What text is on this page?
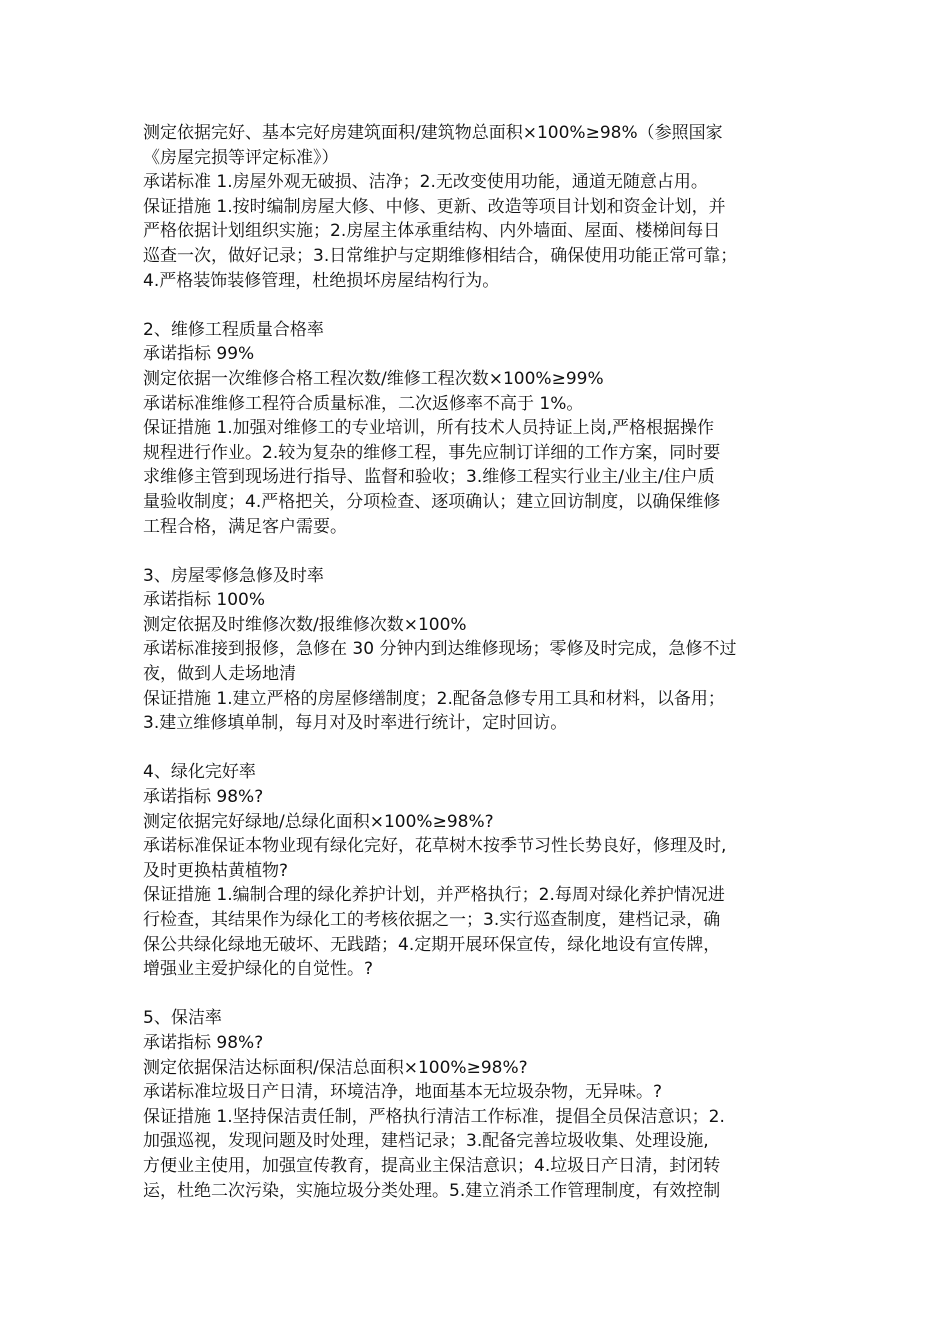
测定依据完好、基本完好房建筑面积/建筑物总面积×100%≥98%（参照国家

《房屋完损等评定标准》）

承诺标准 1.房屋外观无破损、洁净；2.无改变使用功能，通道无随意占用。

保证措施 1.按时编制房屋大修、中修、更新、改造等项目计划和资金计划，并

严格依据计划组织实施；2.房屋主体承重结构、内外墙面、屋面、楼梯间每日

巡查一次，做好记录；3.日常维护与定期维修相结合，确保使用功能正常可靠；

4.严格装饰装修管理，杜绝损坏房屋结构行为。

2、维修工程质量合格率

承诺指标 99%

测定依据一次维修合格工程次数/维修工程次数×100%≥99%

承诺标准维修工程符合质量标准，二次返修率不高于 1%。

保证措施 1.加强对维修工的专业培训，所有技术人员持证上岗,严格根据操作

规程进行作业。2.较为复杂的维修工程，事先应制订详细的工作方案，同时要

求维修主管到现场进行指导、监督和验收；3.维修工程实行业主/业主/住户质

量验收制度；4.严格把关，分项检查、逐项确认；建立回访制度，以确保维修

工程合格，满足客户需要。

3、房屋零修急修及时率

承诺指标 100%

测定依据及时维修次数/报维修次数×100%

承诺标准接到报修，急修在 30 分钟内到达维修现场；零修及时完成，急修不过

夜，做到人走场地清

保证措施 1.建立严格的房屋修缮制度；2.配备急修专用工具和材料，以备用；

3.建立维修填单制，每月对及时率进行统计，定时回访。

4、绿化完好率

承诺指标 98%?

测定依据完好绿地/总绿化面积×100%≥98%?

承诺标准保证本物业现有绿化完好，花草树木按季节习性长势良好，修理及时,

及时更换枯黄植物?

保证措施 1.编制合理的绿化养护计划，并严格执行；2.每周对绿化养护情况进

行检查，其结果作为绿化工的考核依据之一；3.实行巡查制度，建档记录，确

保公共绿化绿地无破坏、无践踏；4.定期开展环保宣传，绿化地设有宣传牌，

增强业主爱护绿化的自觉性。?

5、保洁率

承诺指标 98%?

测定依据保洁达标面积/保洁总面积×100%≥98%?

承诺标准垃圾日产日清，环境洁净，地面基本无垃圾杂物，无异味。?

保证措施 1.坚持保洁责任制，严格执行清洁工作标准，提倡全员保洁意识；2.

加强巡视，发现问题及时处理，建档记录；3.配备完善垃圾收集、处理设施,

方便业主使用，加强宣传教育，提高业主保洁意识；4.垃圾日产日清，封闭转

运，杜绝二次污染，实施垃圾分类处理。5.建立消杀工作管理制度，有效控制
